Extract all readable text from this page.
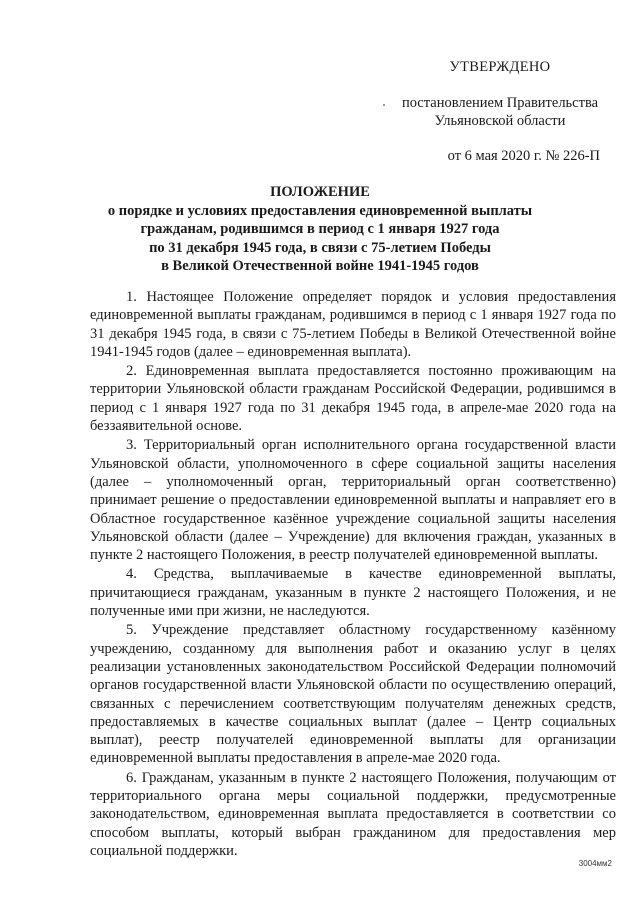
УТВЕРЖДЕНО
постановлением Правительства
Ульяновской области
от 6 мая 2020 г. № 226-П
ПОЛОЖЕНИЕ
о порядке и условиях предоставления единовременной выплаты
гражданам, родившимся в период с 1 января 1927 года
по 31 декабря 1945 года, в связи с 75-летием Победы
в Великой Отечественной войне 1941-1945 годов

1. Настоящее Положение определяет порядок и условия предоставления единовременной выплаты гражданам, родившимся в период с 1 января 1927 года по 31 декабря 1945 года, в связи с 75-летием Победы в Великой Отечественной войне 1941-1945 годов (далее – единовременная выплата).

2. Единовременная выплата предоставляется постоянно проживающим на территории Ульяновской области гражданам Российской Федерации, родившимся в период с 1 января 1927 года по 31 декабря 1945 года, в апреле-мае 2020 года на беззаявительной основе.

3. Территориальный орган исполнительного органа государственной власти Ульяновской области, уполномоченного в сфере социальной защиты населения (далее – уполномоченный орган, территориальный орган соответственно) принимает решение о предоставлении единовременной выплаты и направляет его в Областное государственное казённое учреждение социальной защиты населения Ульяновской области (далее – Учреждение) для включения граждан, указанных в пункте 2 настоящего Положения, в реестр получателей единовременной выплаты.

4. Средства, выплачиваемые в качестве единовременной выплаты, причитающиеся гражданам, указанным в пункте 2 настоящего Положения, и не полученные ими при жизни, не наследуются.

5. Учреждение представляет областному государственному казённому учреждению, созданному для выполнения работ и оказанию услуг в целях реализации установленных законодательством Российской Федерации полномочий органов государственной власти Ульяновской области по осуществлению операций, связанных с перечислением соответствующим получателям денежных средств, предоставляемых в качестве социальных выплат (далее – Центр социальных выплат), реестр получателей единовременной выплаты для организации единовременной выплаты предоставления в апреле-мае 2020 года.

6. Гражданам, указанным в пункте 2 настоящего Положения, получающим от территориального органа меры социальной поддержки, предусмотренные законодательством, единовременная выплата предоставляется в соответствии со способом выплаты, который выбран гражданином для предоставления мер социальной поддержки.

3004мм2
